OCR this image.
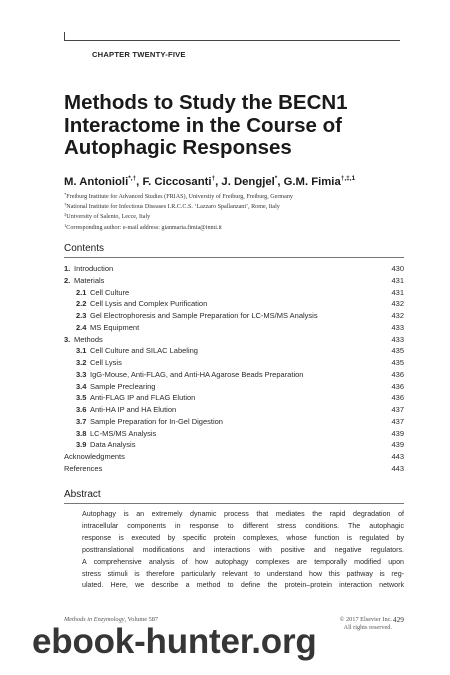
CHAPTER TWENTY-FIVE
Methods to Study the BECN1
Interactome in the Course of
Autophagic Responses
M. Antonioli*,†, F. Ciccosanti†, J. Dengjel*, G.M. Fimia$^{\dagger,\ddagger,1}$
*Freiburg Institute for Advanced Studies (FRIAS), University of Freiburg, Freiburg, Germany
†National Institute for Infectious Diseases I.R.C.C.S. ‘Lazzaro Spallanzani’, Rome, Italy
‡University of Salento, Lecce, Italy
$^1$Corresponding author: e-mail address: gianmaria.fimia@inmi.it
Contents
1. Introduction	430
2. Materials	431
2.1 Cell Culture	431
2.2 Cell Lysis and Complex Purification	432
2.3 Gel Electrophoresis and Sample Preparation for LC-MS/MS Analysis	432
2.4 MS Equipment	433
3. Methods	433
3.1 Cell Culture and SILAC Labeling	435
3.2 Cell Lysis	435
3.3 IgG-Mouse, Anti-FLAG, and Anti-HA Agarose Beads Preparation	436
3.4 Sample Preclearing	436
3.5 Anti-FLAG IP and FLAG Elution	436
3.6 Anti-HA IP and HA Elution	437
3.7 Sample Preparation for In-Gel Digestion	437
3.8 LC-MS/MS Analysis	439
3.9 Data Analysis	439
Acknowledgments	443
References	443
Abstract
Autophagy is an extremely dynamic process that mediates the rapid degradation of
intracellular components in response to different stress conditions. The autophagic
response is executed by specific protein complexes, whose function is regulated by
posttranslational modifications and interactions with positive and negative regulators.
A comprehensive analysis of how autophagy complexes are temporally modified upon
stress stimuli is therefore particularly relevant to understand how this pathway is reg-
ulated. Here, we describe a method to define the protein–protein interaction network
Methods in Enzymology, Volume 587	© 2017 Elsevier Inc.
All rights reserved.
429
ebook-hunter.org
